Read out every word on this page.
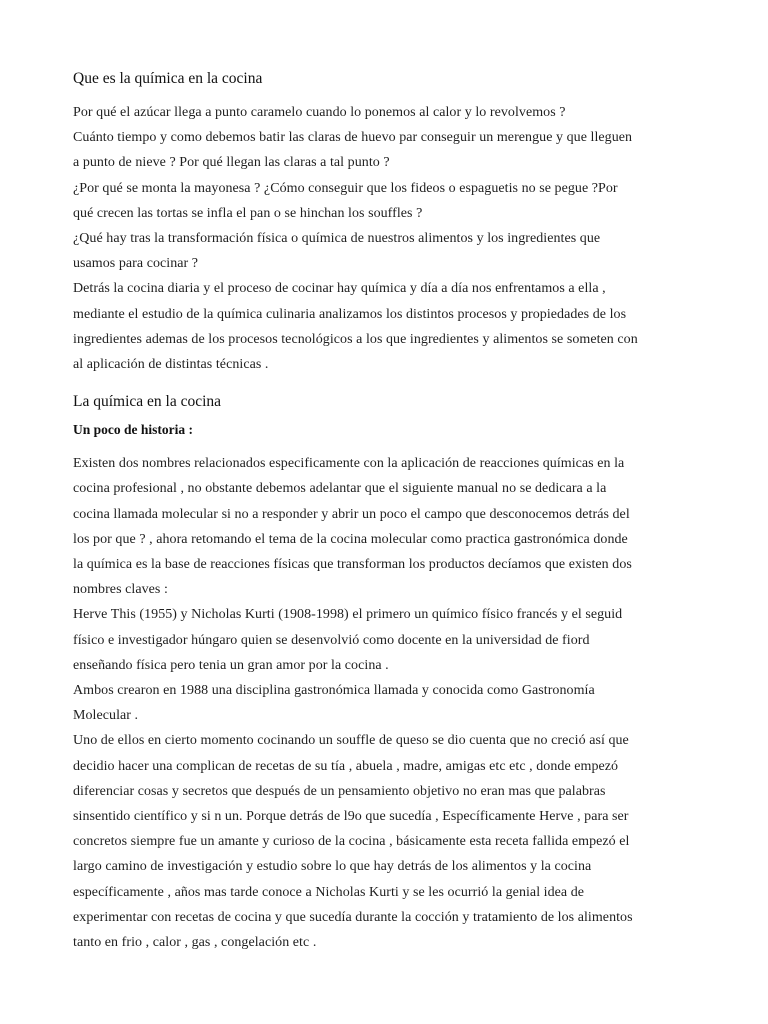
Que es la química en la cocina
Por qué el azúcar llega a punto caramelo cuando lo ponemos al calor y lo revolvemos ?
Cuánto tiempo y como debemos batir las claras de huevo par conseguir un merengue y que lleguen
a punto de nieve ? Por qué llegan las claras a tal punto ?
¿Por qué se monta la mayonesa ? ¿Cómo conseguir que los fideos o espaguetis no se pegue ?Por
qué crecen las tortas se infla el pan o se hinchan los souffles ?
¿Qué hay tras la transformación física o química de nuestros alimentos y los ingredientes que
usamos para cocinar ?
Detrás la cocina diaria y el proceso de cocinar hay química y día a día nos enfrentamos a ella ,
mediante el estudio de la química culinaria analizamos los distintos procesos y propiedades de los
ingredientes ademas de los procesos tecnológicos a los que ingredientes y alimentos se someten con
al aplicación de distintas técnicas .
La química en la cocina
Un poco de historia :
Existen dos nombres relacionados especificamente con la aplicación de reacciones químicas en la
cocina profesional , no obstante debemos adelantar que el siguiente manual no se dedicara a la
cocina llamada molecular si no a responder y abrir un poco el campo que desconocemos detrás del
los por que ? , ahora retomando el tema de la cocina molecular como practica gastronómica donde
la química es la base de reacciones físicas que transforman los productos decíamos que existen dos
nombres claves :
Herve This (1955) y Nicholas Kurti (1908-1998) el primero un químico físico francés y el seguid
físico e investigador húngaro quien se desenvolvió como docente en la universidad de fiord
enseñando física pero tenia un gran amor por la cocina .
Ambos crearon en 1988 una disciplina gastronómica llamada y conocida como Gastronomía
Molecular .
Uno de ellos en cierto momento cocinando un souffle de queso se dio cuenta que no creció así que
decidio hacer una complican de recetas de su tía , abuela , madre, amigas etc etc , donde empezó
diferenciar cosas y secretos que después de un pensamiento objetivo no eran mas que palabras
sinsentido científico y si n un. Porque detrás de l9o que sucedía , Específicamente Herve , para ser
concretos siempre fue un amante y curioso de la cocina , básicamente esta receta fallida empezó el
largo camino de investigación y estudio sobre lo que hay detrás de los alimentos y la cocina
específicamente , años mas tarde conoce a Nicholas Kurti y se les ocurrió la genial idea de
experimentar con recetas de cocina y que sucedía durante la cocción y tratamiento de los alimentos
tanto en frio , calor , gas , congelación etc .
